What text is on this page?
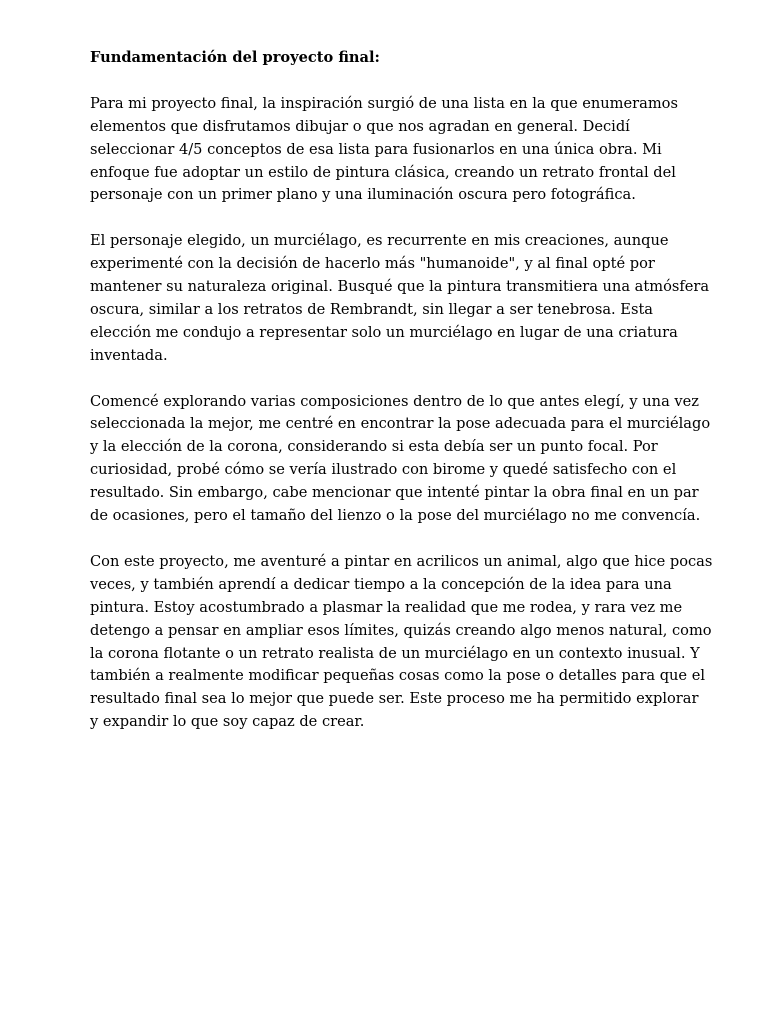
Fundamentación del proyecto final:
Para mi proyecto final, la inspiración surgió de una lista en la que enumeramos
elementos que disfrutamos dibujar o que nos agradan en general. Decidí
seleccionar 4/5 conceptos de esa lista para fusionarlos en una única obra. Mi
enfoque fue adoptar un estilo de pintura clásica, creando un retrato frontal del
personaje con un primer plano y una iluminación oscura pero fotográfica.
El personaje elegido, un murciélago, es recurrente en mis creaciones, aunque
experimenté con la decisión de hacerlo más "humanoide", y al final opté por
mantener su naturaleza original. Busqué que la pintura transmitiera una atmósfera
oscura, similar a los retratos de Rembrandt, sin llegar a ser tenebrosa. Esta
elección me condujo a representar solo un murciélago en lugar de una criatura
inventada.
Comencé explorando varias composiciones dentro de lo que antes elegí, y una vez
seleccionada la mejor, me centré en encontrar la pose adecuada para el murciélago
y la elección de la corona, considerando si esta debía ser un punto focal. Por
curiosidad, probé cómo se vería ilustrado con birome y quedé satisfecho con el
resultado. Sin embargo, cabe mencionar que intenté pintar la obra final en un par
de ocasiones, pero el tamaño del lienzo o la pose del murciélago no me convencía.
Con este proyecto, me aventuré a pintar en acrilicos un animal, algo que hice pocas
veces, y también aprendí a dedicar tiempo a la concepción de la idea para una
pintura. Estoy acostumbrado a plasmar la realidad que me rodea, y rara vez me
detengo a pensar en ampliar esos límites, quizás creando algo menos natural, como
la corona flotante o un retrato realista de un murciélago en un contexto inusual. Y
también a realmente modificar pequeñas cosas como la pose o detalles para que el
resultado final sea lo mejor que puede ser. Este proceso me ha permitido explorar
y expandir lo que soy capaz de crear.
